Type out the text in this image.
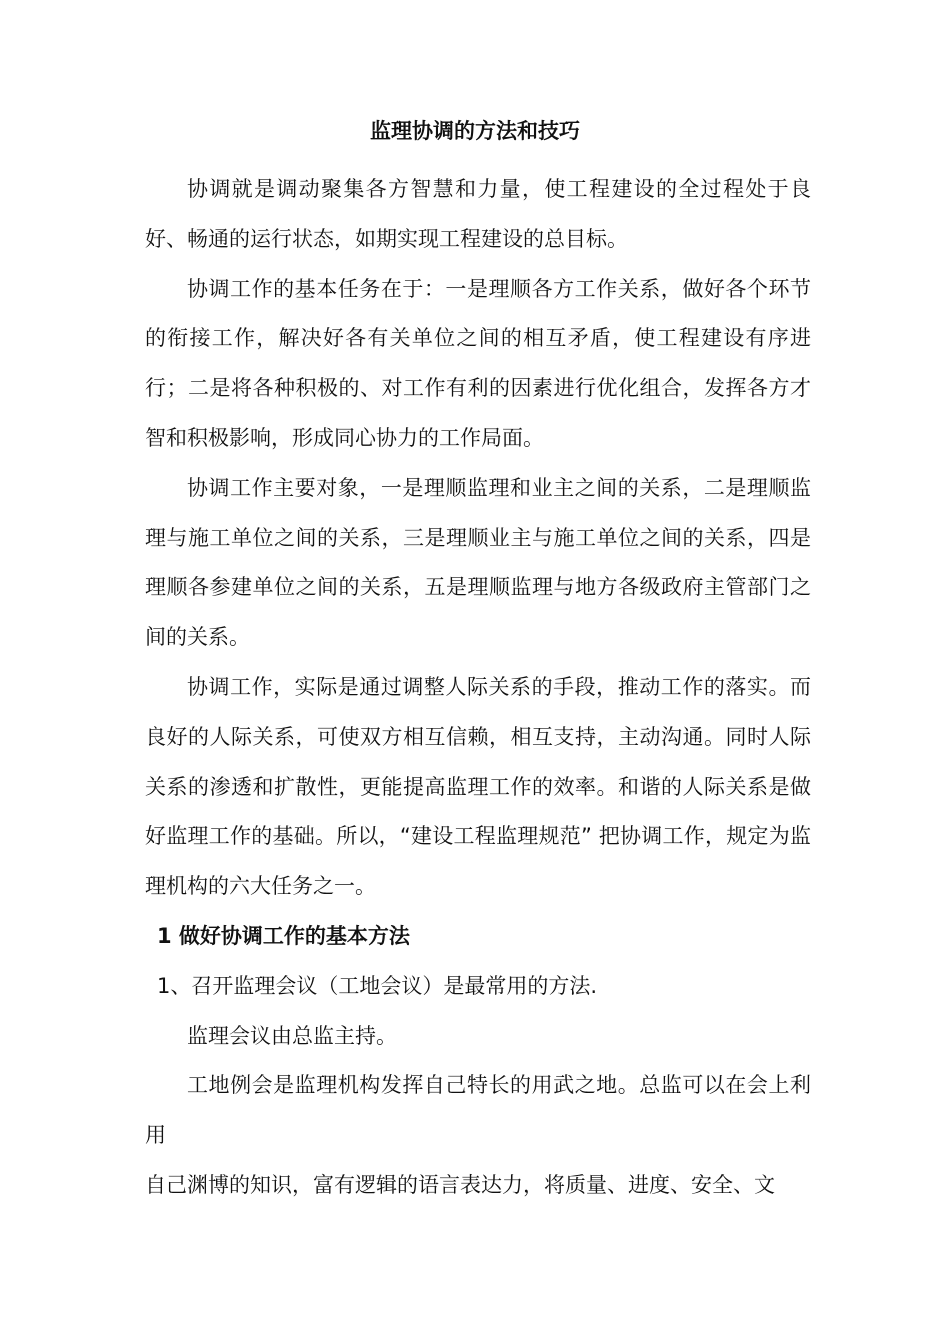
监理协调的方法和技巧

协调就是调动聚集各方智慧和力量，使工程建设的全过程处于良好、畅通的运行状态，如期实现工程建设的总目标。

协调工作的基本任务在于：一是理顺各方工作关系，做好各个环节的衔接工作，解决好各有关单位之间的相互矛盾，使工程建设有序进行；二是将各种积极的、对工作有利的因素进行优化组合，发挥各方才智和积极影响，形成同心协力的工作局面。

协调工作主要对象，一是理顺监理和业主之间的关系，二是理顺监理与施工单位之间的关系，三是理顺业主与施工单位之间的关系，四是理顺各参建单位之间的关系，五是理顺监理与地方各级政府主管部门之间的关系。

协调工作，实际是通过调整人际关系的手段，推动工作的落实。而良好的人际关系，可使双方相互信赖，相互支持，主动沟通。同时人际关系的渗透和扩散性，更能提高监理工作的效率。和谐的人际关系是做好监理工作的基础。所以，“建设工程监理规范” 把协调工作，规定为监理机构的六大任务之一。

1 做好协调工作的基本方法

1、召开监理会议（工地会议）是最常用的方法.

监理会议由总监主持。

工地例会是监理机构发挥自己特长的用武之地。总监可以在会上利用

自己渊博的知识，富有逻辑的语言表达力，将质量、进度、安全、文
